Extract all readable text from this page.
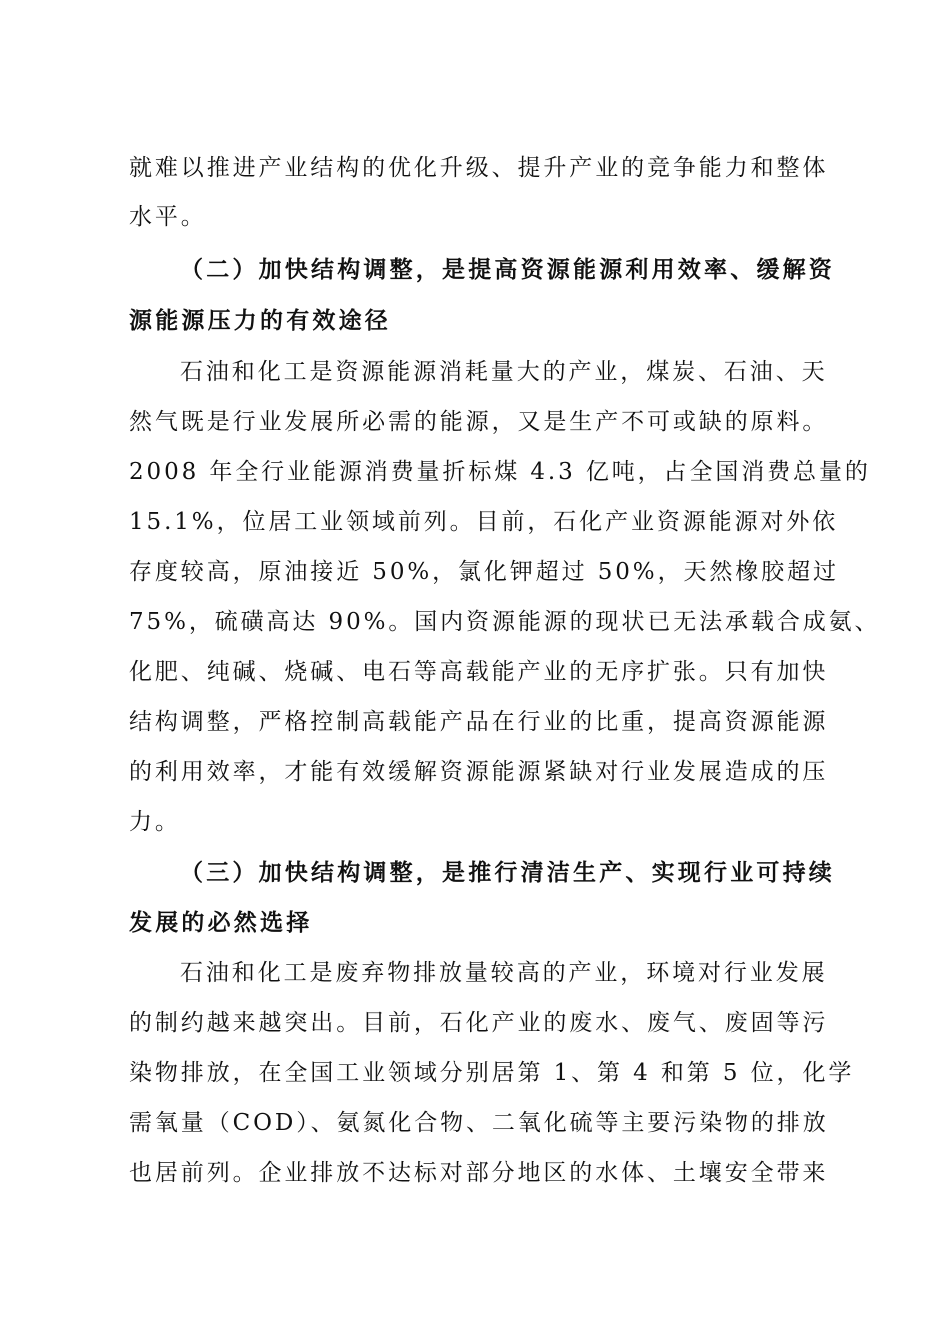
就难以推进产业结构的优化升级、提升产业的竞争能力和整体
水平。
（二）加快结构调整，是提高资源能源利用效率、缓解资
源能源压力的有效途径
石油和化工是资源能源消耗量大的产业，煤炭、石油、天
然气既是行业发展所必需的能源，又是生产不可或缺的原料。
2008 年全行业能源消费量折标煤 4.3 亿吨，占全国消费总量的
15.1%，位居工业领域前列。目前，石化产业资源能源对外依
存度较高，原油接近 50%，氯化钾超过 50%，天然橡胶超过
75%，硫磺高达 90%。国内资源能源的现状已无法承载合成氨、
化肥、纯碱、烧碱、电石等高载能产业的无序扩张。只有加快
结构调整，严格控制高载能产品在行业的比重，提高资源能源
的利用效率，才能有效缓解资源能源紧缺对行业发展造成的压
力。
（三）加快结构调整，是推行清洁生产、实现行业可持续
发展的必然选择
石油和化工是废弃物排放量较高的产业，环境对行业发展
的制约越来越突出。目前，石化产业的废水、废气、废固等污
染物排放，在全国工业领域分别居第 1、第 4 和第 5 位，化学
需氧量（COD）、氨氮化合物、二氧化硫等主要污染物的排放
也居前列。企业排放不达标对部分地区的水体、土壤安全带来
